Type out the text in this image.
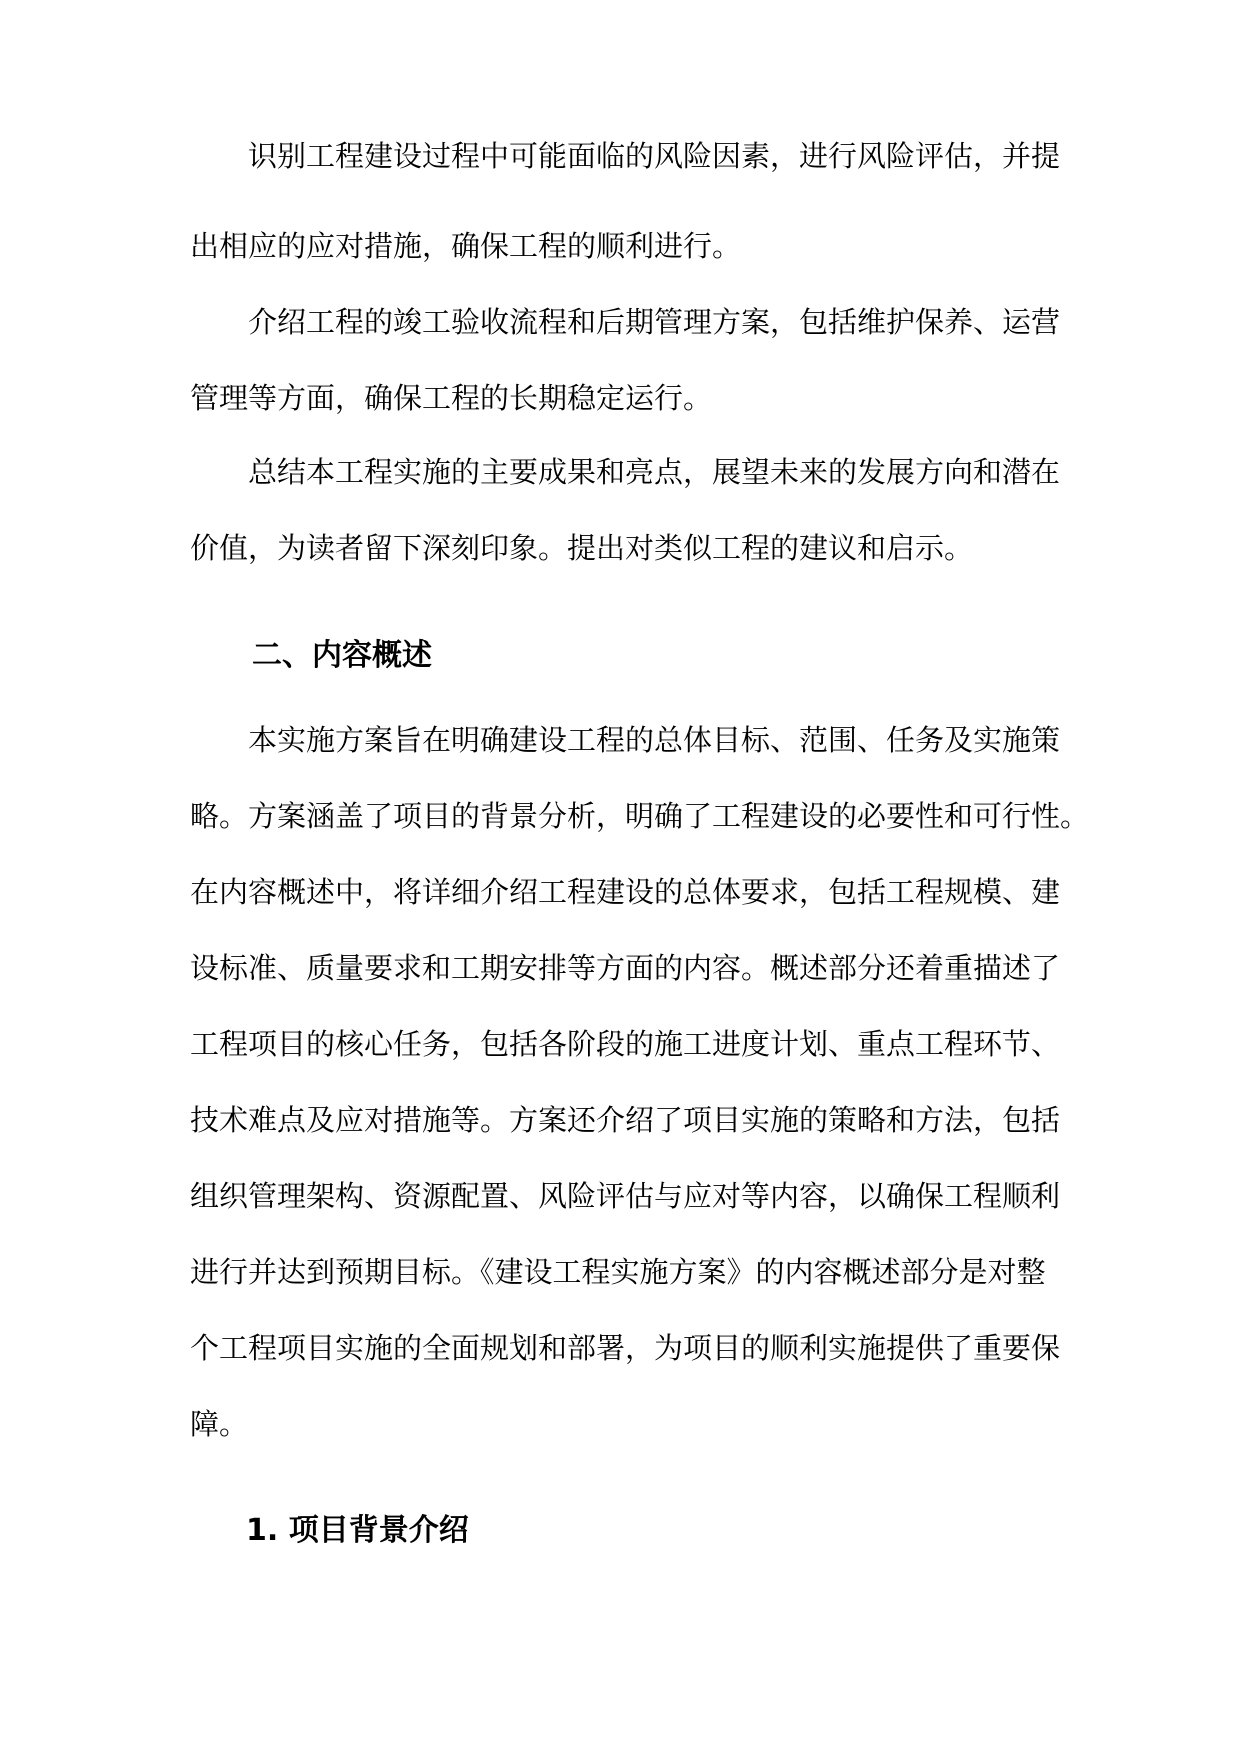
识别工程建设过程中可能面临的风险因素，进行风险评估，并提
出相应的应对措施，确保工程的顺利进行。
介绍工程的竣工验收流程和后期管理方案，包括维护保养、运营
管理等方面，确保工程的长期稳定运行。
总结本工程实施的主要成果和亮点，展望未来的发展方向和潜在
价值，为读者留下深刻印象。提出对类似工程的建议和启示。
二、内容概述
本实施方案旨在明确建设工程的总体目标、范围、任务及实施策
略。方案涵盖了项目的背景分析，明确了工程建设的必要性和可行性。
在内容概述中，将详细介绍工程建设的总体要求，包括工程规模、建
设标准、质量要求和工期安排等方面的内容。概述部分还着重描述了
工程项目的核心任务，包括各阶段的施工进度计划、重点工程环节、
技术难点及应对措施等。方案还介绍了项目实施的策略和方法，包括
组织管理架构、资源配置、风险评估与应对等内容，以确保工程顺利
进行并达到预期目标。《建设工程实施方案》的内容概述部分是对整
个工程项目实施的全面规划和部署，为项目的顺利实施提供了重要保
障。
1. 项目背景介绍
